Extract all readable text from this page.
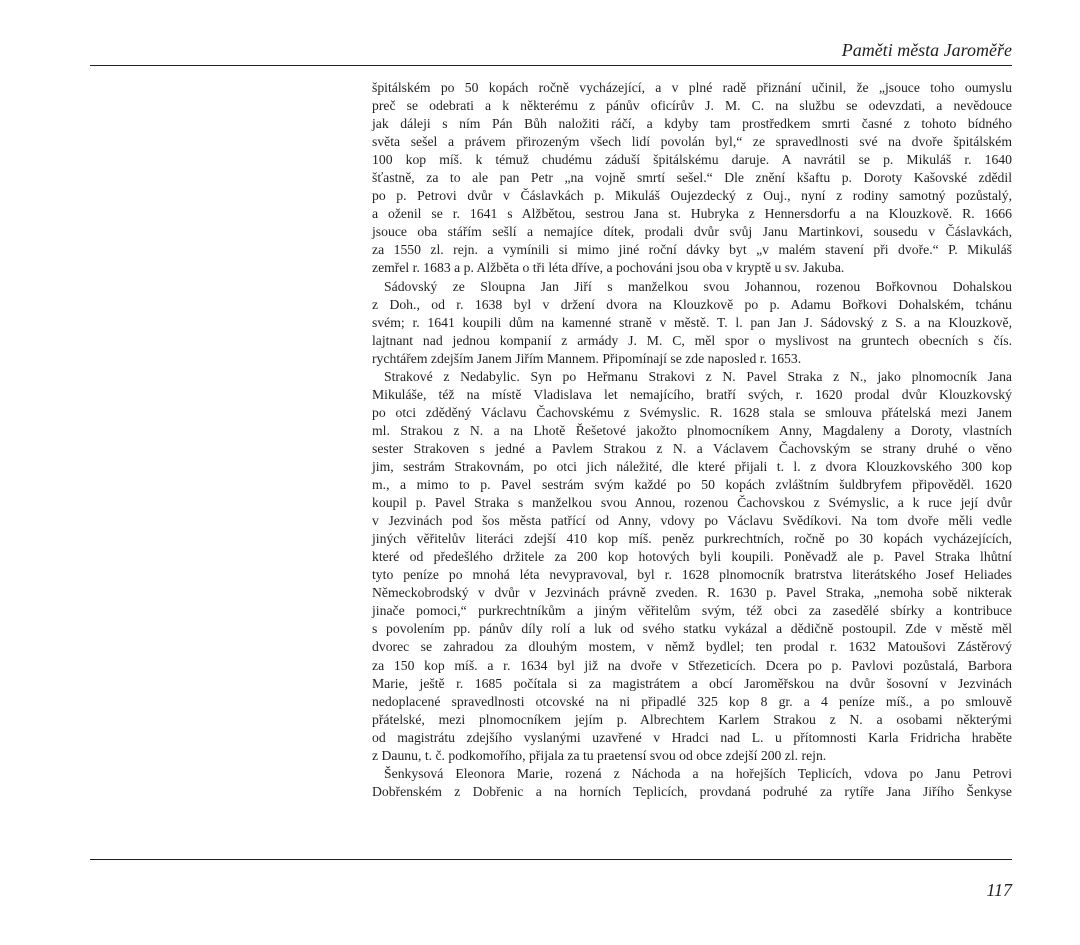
Paměti města Jaroměře
špitálském po 50 kopách ročně vycházející, a v plné radě přiznání učinil, že „jsouce toho oumyslu
preč se odebrati a k některému z pánův oficírův J. M. C. na službu se odevzdati, a nevědouce
jak dáleji s ním Pán Bůh naložiti ráčí, a kdyby tam prostředkem smrti časné z tohoto bídného
světa sešel a právem přirozeným všech lidí povolán byl,“ ze spravedlnosti své na dvoře špitálském
100 kop míš. k témuž chudému záduší špitálskému daruje. A navrátil se p. Mikuláš r. 1640
šťastně, za to ale pan Petr „na vojně smrtí sešel.“ Dle znění kšaftu p. Doroty Kašovské zdědil
po p. Petrovi dvůr v Čáslavkách p. Mikuláš Oujezdecký z Ouj., nyní z rodiny samotný pozůstalý,
a oženil se r. 1641 s Alžbětou, sestrou Jana st. Hubryka z Hennersdorfu a na Klouzkově. R. 1666
jsouce oba stářím sešlí a nemajíce dítek, prodali dvůr svůj Janu Martinkovi, sousedu v Čáslavkách,
za 1550 zl. rejn. a vymínili si mimo jiné roční dávky byt „v malém stavení při dvoře.“ P. Mikuláš
zemřel r. 1683 a p. Alžběta o tři léta dříve, a pochováni jsou oba v kryptě u sv. Jakuba.
Sádovský ze Sloupna Jan Jiří s manželkou svou Johannou, rozenou Bořkovnou Dohalskou
z Doh., od r. 1638 byl v držení dvora na Klouzkově po p. Adamu Bořkovi Dohalském, tchánu
svém; r. 1641 koupili dům na kamenné straně v městě. T. l. pan Jan J. Sádovský z S. a na Klouzkově,
lajtnant nad jednou kompanií z armády J. M. C, měl spor o myslivost na gruntech obecních s čís.
rychtářem zdejším Janem Jiřím Mannem. Připomínají se zde naposled r. 1653.
Strakové z Nedabylic. Syn po Heřmanu Strakovi z N. Pavel Straka z N., jako plnomocník Jana
Mikuláše, též na místě Vladislava let nemajícího, bratří svých, r. 1620 prodal dvůr Klouzkovský
po otci zděděný Václavu Čachovskému z Svémyslic. R. 1628 stala se smlouva přátelská mezi Janem
ml. Strakou z N. a na Lhotě Řešetové jakožto plnomocníkem Anny, Magdaleny a Doroty, vlastních
sester Strakoven s jedné a Pavlem Strakou z N. a Václavem Čachovským se strany druhé o věno
jim, sestrám Strakovnám, po otci jich náležité, dle které přijali t. l. z dvora Klouzkovského 300 kop
m., a mimo to p. Pavel sestrám svým každé po 50 kopách zvláštním šuldbryfem připověděl. 1620
koupil p. Pavel Straka s manželkou svou Annou, rozenou Čachovskou z Svémyslic, a k ruce její dvůr
v Jezvinách pod šos města patřící od Anny, vdovy po Václavu Svědíkovi. Na tom dvoře měli vedle
jiných věřitelův literáci zdejší 410 kop míš. peněz purkrechtních, ročně po 30 kopách vycházejících,
které od předešlého držitele za 200 kop hotových byli koupili. Poněvadž ale p. Pavel Straka lhůtní
tyto peníze po mnohá léta nevypravoval, byl r. 1628 plnomocník bratrstva literátského Josef Heliades
Německobrodský v dvůr v Jezvinách právně zveden. R. 1630 p. Pavel Straka, „nemoha sobě nikterak
jinače pomoci,“ purkrechtníkům a jiným věřitelům svým, též obci za zasedělé sbírky a kontribuce
s povolením pp. pánův díly rolí a luk od svého statku vykázal a dědičně postoupil. Zde v městě měl
dvorec se zahradou za dlouhým mostem, v němž bydlel; ten prodal r. 1632 Matoušovi Zástěrový
za 150 kop míš. a r. 1634 byl již na dvoře v Střezeticích. Dcera po p. Pavlovi pozůstalá, Barbora
Marie, ještě r. 1685 počítala si za magistrátem a obcí Jaroměřskou na dvůr šosovní v Jezvinách
nedoplacené spravedlnosti otcovské na ni připadlé 325 kop 8 gr. a 4 peníze míš., a po smlouvě
přátelské, mezi plnomocníkem jejím p. Albrechtem Karlem Strakou z N. a osobami některými
od magistrátu zdejšího vyslanými uzavřené v Hradci nad L. u přítomnosti Karla Fridricha hraběte
z Daunu, t. č. podkomořího, přijala za tu praetensí svou od obce zdejší 200 zl. rejn.
Šenkysová Eleonora Marie, rozená z Náchoda a na hořejších Teplicích, vdova po Janu Petrovi
Dobřenském z Dobřenic a na horních Teplicích, provdaná podruhé za rytíře Jana Jiřího Šenkyse
117
